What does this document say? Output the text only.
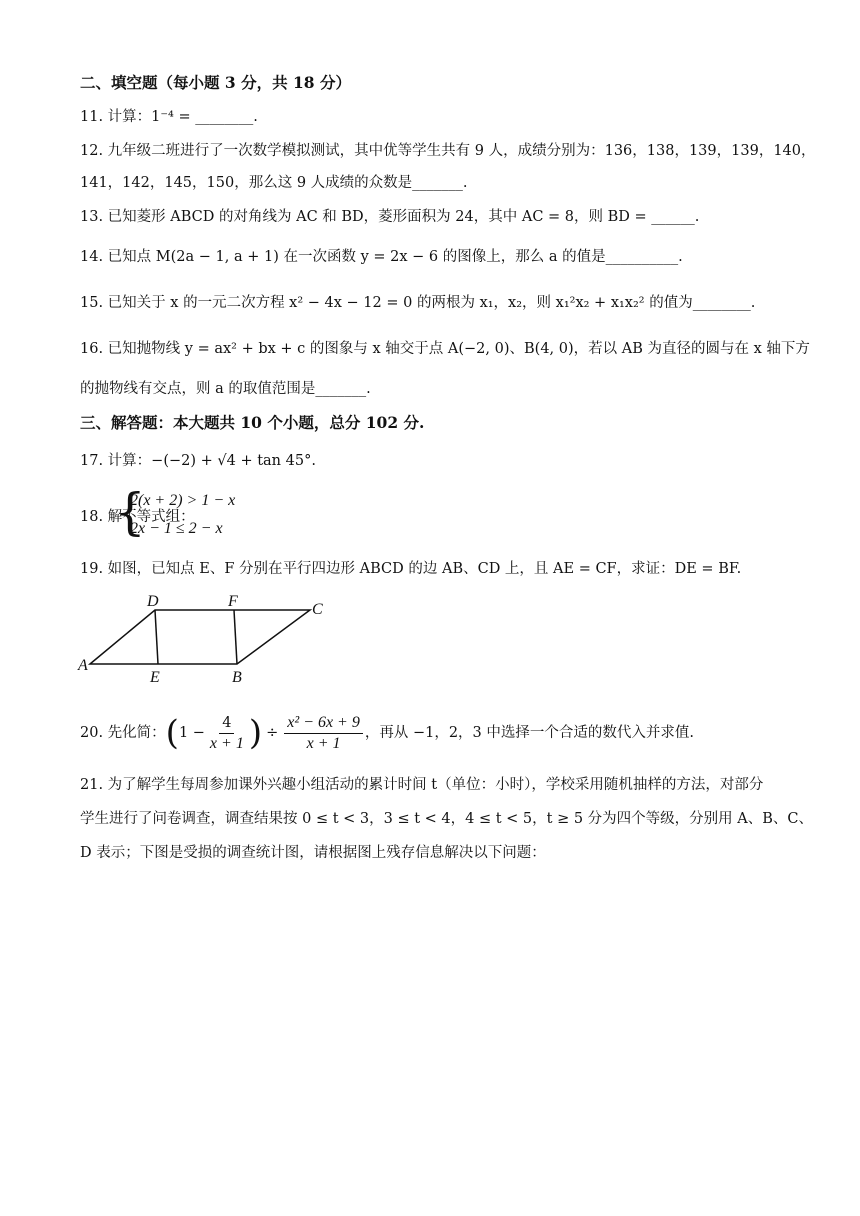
二、填空题（每小题 3 分，共 18 分）
11. 计算：1⁻⁴ = ________.
12. 九年级二班进行了一次数学模拟测试，其中优等学生共有 9 人，成绩分别为：136，138，139，139，140，
141，142，145，150，那么这 9 人成绩的众数是_______.
13. 已知菱形 ABCD 的对角线为 AC 和 BD，菱形面积为 24，其中 AC = 8，则 BD = ______.
14. 已知点 M(2a − 1, a + 1) 在一次函数 y = 2x − 6 的图像上，那么 a 的值是__________.
15. 已知关于 x 的一元二次方程 x² − 4x − 12 = 0 的两根为 x₁，x₂，则 x₁²x₂ + x₁x₂² 的值为________.
16. 已知抛物线 y = ax² + bx + c 的图象与 x 轴交于点 A(−2, 0)、B(4, 0)，若以 AB 为直径的圆与在 x 轴下方
的抛物线有交点，则 a 的取值范围是_______.
三、解答题：本大题共 10 个小题，总分 102 分.
17. 计算：−(−2) + √4 + tan 45°.
18. 解不等式组：
{
2(x + 2) > 1 − x
2x − 1 ≤ 2 − x
19. 如图，已知点 E、F 分别在平行四边形 ABCD 的边 AB、CD 上，且 AE = CF，求证：DE = BF.
A
B
C
D
E
F
20. 先化简： ( $1 - \frac{4}{x + 1}$ ) ÷ $\frac{\text{x² − 6x + 9}}{x + 1}$ ，再从 −1，2，3 中选择一个合适的数代入并求值.
21. 为了解学生每周参加课外兴趣小组活动的累计时间 t（单位：小时），学校采用随机抽样的方法，对部分
学生进行了问卷调查，调查结果按 0 ≤ t < 3，3 ≤ t < 4，4 ≤ t < 5，t ≥ 5 分为四个等级，分别用 A、B、C、
D 表示；下图是受损的调查统计图，请根据图上残存信息解决以下问题：
